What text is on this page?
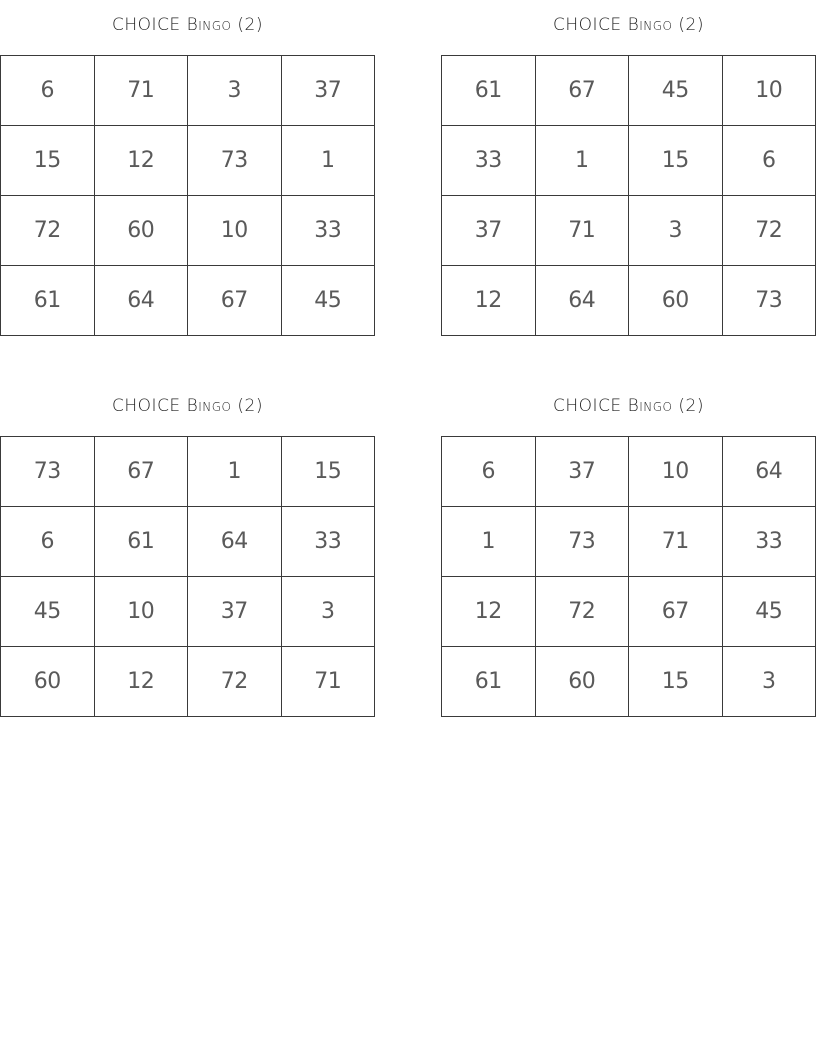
CHOICE Bingo (2)
6	71	3	37
15	12	73	1
72	60	10	33
61	64	67	45
CHOICE Bingo (2)
61	67	45	10
33	1	15	6
37	71	3	72
12	64	60	73
CHOICE Bingo (2)
73	67	1	15
6	61	64	33
45	10	37	3
60	12	72	71
CHOICE Bingo (2)
6	37	10	64
1	73	71	33
12	72	67	45
61	60	15	3
